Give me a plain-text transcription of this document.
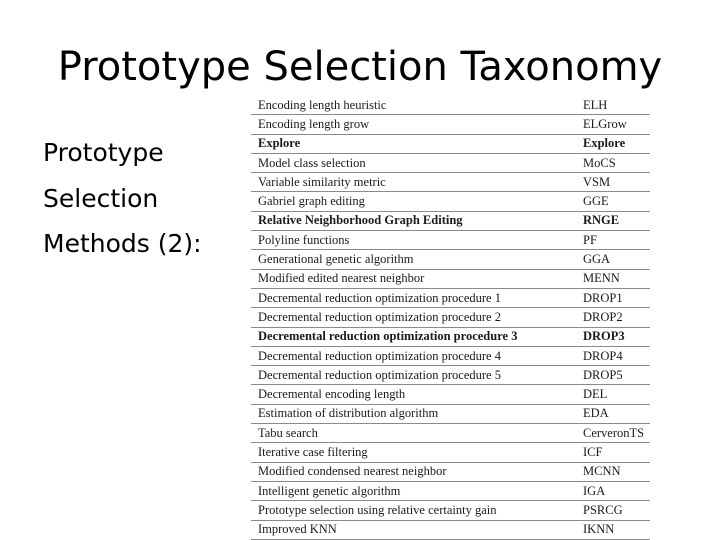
Prototype Selection Taxonomy
Prototype
Selection
Methods (2):
Encoding length heuristic	ELH
Encoding length grow	ELGrow
Explore	Explore
Model class selection	MoCS
Variable similarity metric	VSM
Gabriel graph editing	GGE
Relative Neighborhood Graph Editing	RNGE
Polyline functions	PF
Generational genetic algorithm	GGA
Modified edited nearest neighbor	MENN
Decremental reduction optimization procedure 1	DROP1
Decremental reduction optimization procedure 2	DROP2
Decremental reduction optimization procedure 3	DROP3
Decremental reduction optimization procedure 4	DROP4
Decremental reduction optimization procedure 5	DROP5
Decremental encoding length	DEL
Estimation of distribution algorithm	EDA
Tabu search	CerveronTS
Iterative case filtering	ICF
Modified condensed nearest neighbor	MCNN
Intelligent genetic algorithm	IGA
Prototype selection using relative certainty gain	PSRCG
Improved KNN	IKNN
